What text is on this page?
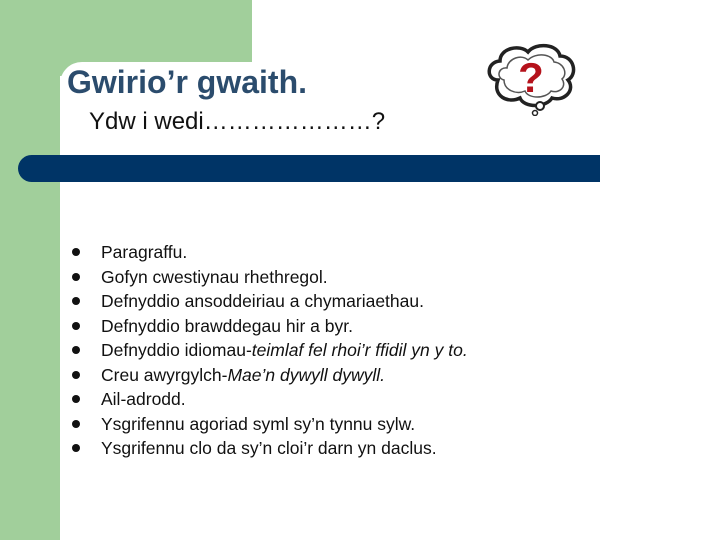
Gwirio’r gwaith.

Ydw i wedi…………………?

?
Paragraffu.
Gofyn cwestiynau rhethregol.
Defnyddio ansoddeiriau a chymariaethau.
Defnyddio brawddegau hir a byr.
Defnyddio idiomau- teimlaf fel rhoi’r ffidil yn y to.
Creu awyrgylch- Mae’n dywyll dywyll.
Ail-adrodd.
Ysgrifennu agoriad syml sy’n tynnu sylw.
Ysgrifennu clo da sy’n cloi’r darn yn daclus.
